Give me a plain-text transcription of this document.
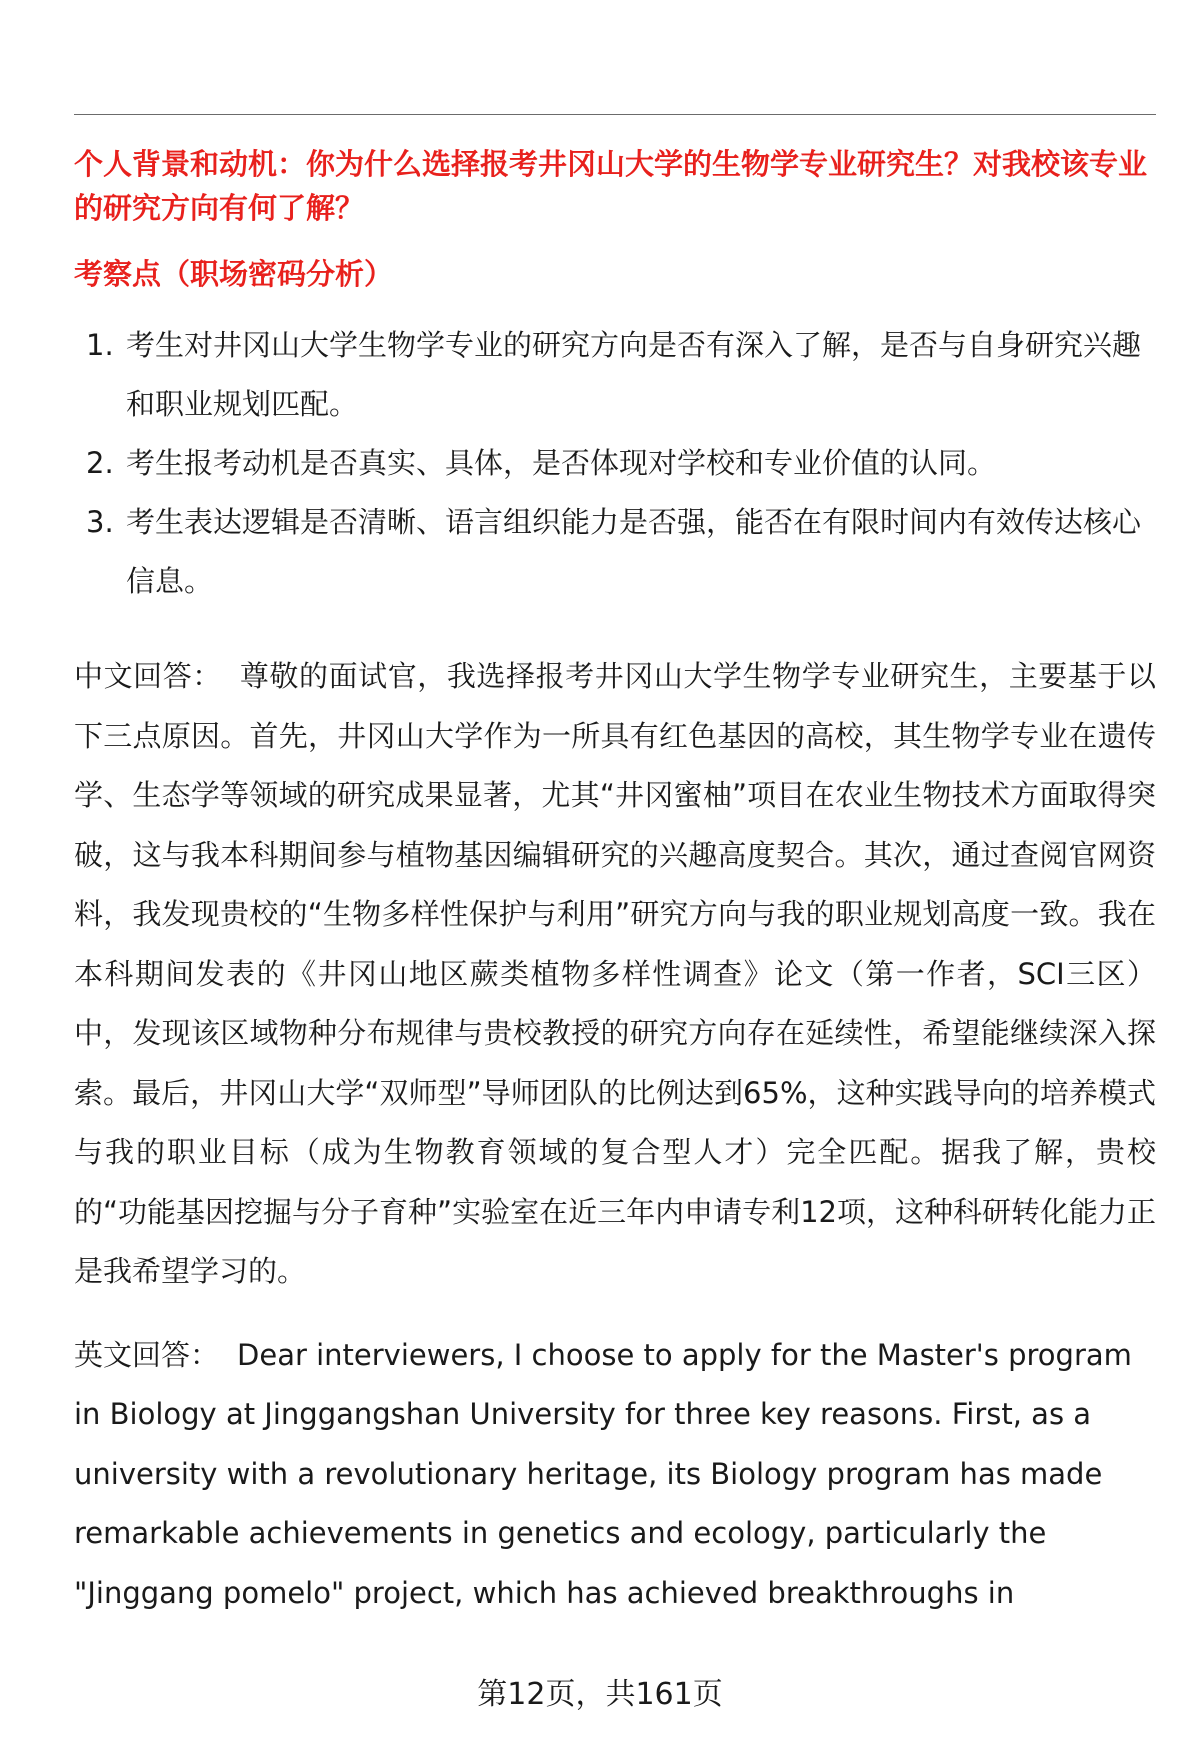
个人背景和动机：你为什么选择报考井冈山大学的生物学专业研究生？对我校该专业的研究方向有何了解？

考察点（职场密码分析）

1. 考生对井冈山大学生物学专业的研究方向是否有深入了解，是否与自身研究兴趣和职业规划匹配。
2. 考生报考动机是否真实、具体，是否体现对学校和专业价值的认同。
3. 考生表达逻辑是否清晰、语言组织能力是否强，能否在有限时间内有效传达核心信息。

中文回答： 尊敬的面试官，我选择报考井冈山大学生物学专业研究生，主要基于以下三点原因。首先，井冈山大学作为一所具有红色基因的高校，其生物学专业在遗传学、生态学等领域的研究成果显著，尤其“井冈蜜柚”项目在农业生物技术方面取得突破，这与我本科期间参与植物基因编辑研究的兴趣高度契合。其次，通过查阅官网资料，我发现贵校的“生物多样性保护与利用”研究方向与我的职业规划高度一致。我在本科期间发表的《井冈山地区蕨类植物多样性调查》论文（第一作者，SCI三区）中，发现该区域物种分布规律与贵校教授的研究方向存在延续性，希望能继续深入探索。最后，井冈山大学“双师型”导师团队的比例达到65%，这种实践导向的培养模式与我的职业目标（成为生物教育领域的复合型人才）完全匹配。据我了解，贵校的“功能基因挖掘与分子育种”实验室在近三年内申请专利12项，这种科研转化能力正是我希望学习的。

英文回答： Dear interviewers, I choose to apply for the Master's program in Biology at Jinggangshan University for three key reasons. First, as a university with a revolutionary heritage, its Biology program has made remarkable achievements in genetics and ecology, particularly the "Jinggang pomelo" project, which has achieved breakthroughs in

第12页，共161页
